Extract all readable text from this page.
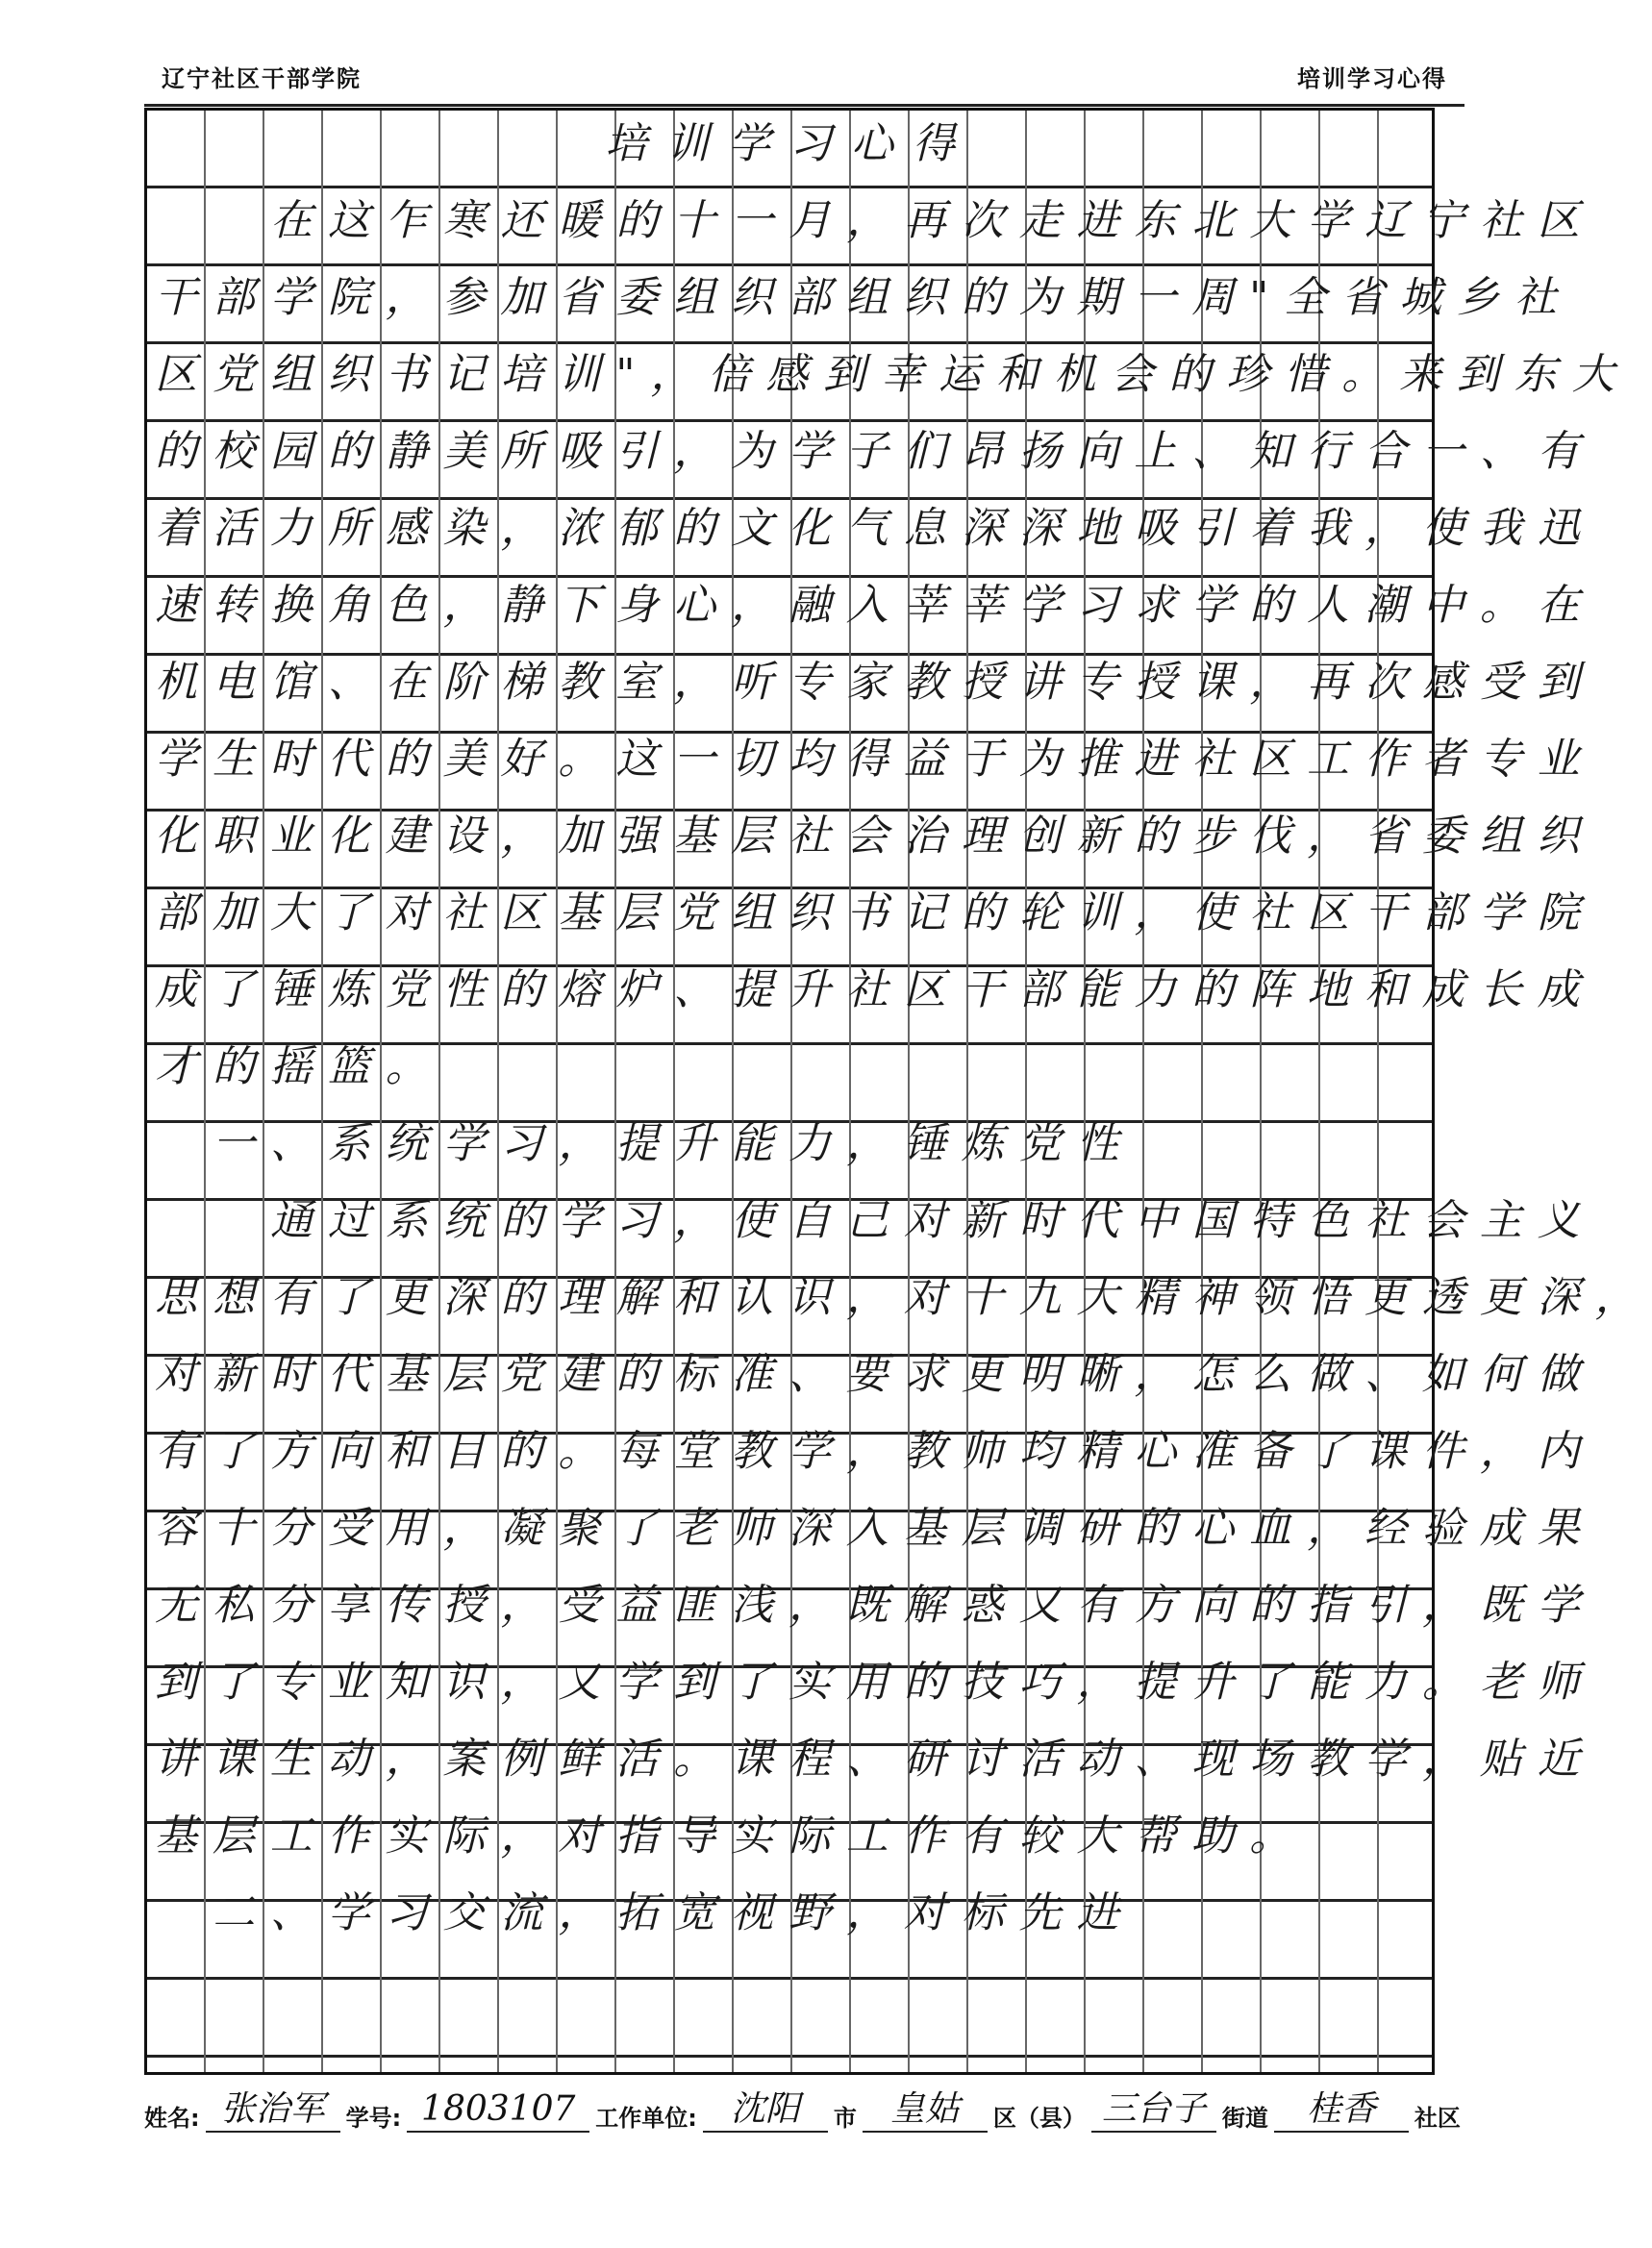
辽宁社区干部学院	培训学习心得
培训学习心得
在这乍寒还暖的十一月，再次走进东北大学辽宁社区
干部学院，参加省委组织部组织的为期一周"全省城乡社
区党组织书记培训"，倍感到幸运和机会的珍惜。来到东大
的校园的静美所吸引，为学子们昂扬向上、知行合一、有
着活力所感染，浓郁的文化气息深深地吸引着我，使我迅
速转换角色，静下身心，融入莘莘学习求学的人潮中。在
机电馆、在阶梯教室，听专家教授讲专授课，再次感受到
学生时代的美好。这一切均得益于为推进社区工作者专业
化职业化建设，加强基层社会治理创新的步伐，省委组织
部加大了对社区基层党组织书记的轮训，使社区干部学院
成了锤炼党性的熔炉、提升社区干部能力的阵地和成长成
才的摇篮。
一、系统学习，提升能力，锤炼党性
通过系统的学习，使自己对新时代中国特色社会主义
思想有了更深的理解和认识，对十九大精神领悟更透更深，
对新时代基层党建的标准、要求更明晰，怎么做、如何做
有了方向和目的。每堂教学，教师均精心准备了课件，内
容十分受用，凝聚了老师深入基层调研的心血，经验成果
无私分享传授，受益匪浅，既解惑又有方向的指引，既学
到了专业知识，又学到了实用的技巧，提升了能力。老师
讲课生动，案例鲜活。课程、研讨活动、现场教学，贴近
基层工作实际，对指导实际工作有较大帮助。
二、学习交流，拓宽视野，对标先进
姓名: 张治军 学号: 1803107 工作单位: 沈阳	市 皇姑	区（县） 三台子 街道	桂香	社区
